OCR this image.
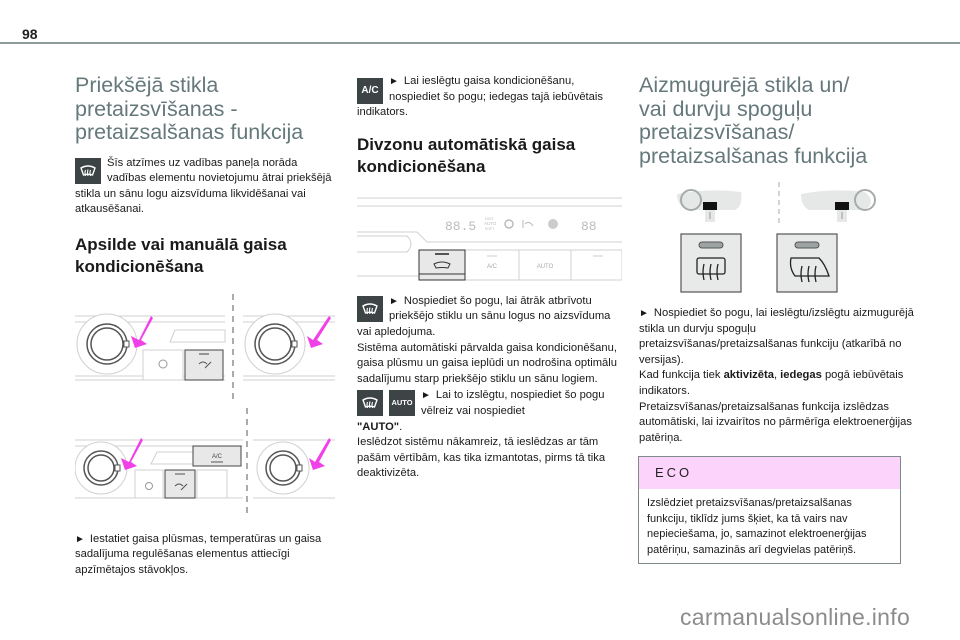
98
Priekšējā stikla
pretaizsvīšanas -
pretaizsalšanas funkcija

Šīs atzīmes uz vadības paneļa norāda vadības elementu novietojumu ātrai priekšējā stikla un sānu logu aizsvīduma likvidēšanai vai atkausēšanai.

Apsilde vai manuālā gaisa
kondicionēšana
A/C

► Iestatiet gaisa plūsmas, temperatūras un gaisa sadalījuma regulēšanas elementus attiecīgi apzīmētajos stāvokļos.

A/C
► Lai ieslēgtu gaisa kondicionēšanu, nospiediet šo pogu; iedegas tajā iebūvētais indikators.

Divzonu automātiskā gaisa
kondicionēšana
88.5	FAST
AUTO
SOFT	88
A/C	AUTO

► Nospiediet šo pogu, lai ātrāk atbrīvotu priekšējo stiklu un sānu logus no aizsvīduma vai apledojuma.

Sistēma automātiski pārvalda gaisa kondicionēšanu, gaisa plūsmu un gaisa ieplūdi un nodrošina optimālu sadalījumu starp priekšējo stiklu un sānu logiem.

AUTO
► Lai to izslēgtu, nospiediet šo pogu vēlreiz vai nospiediet
"AUTO".

Ieslēdzot sistēmu nākamreiz, tā ieslēdzas ar tām pašām vērtībām, kas tika izmantotas, pirms tā tika deaktivizēta.

Aizmugurējā stikla un/
vai durvju spoguļu
pretaizsvīšanas/
pretaizsalšanas funkcija

► Nospiediet šo pogu, lai ieslēgtu/izslēgtu aizmugurējā stikla un durvju spoguļu pretaizsvīšanas/pretaizsalšanas funkciju (atkarībā no versijas).

Kad funkcija tiek aktivizēta, iedegas pogā iebūvētais indikators.

Pretaizsvīšanas/pretaizsalšanas funkcija izslēdzas automātiski, lai izvairītos no pārmērīga elektroenerģijas patēriņa.

ECO
Izslēdziet pretaizsvīšanas/pretaizsalšanas funkciju, tiklīdz jums šķiet, ka tā vairs nav nepieciešama, jo, samazinot elektroenerģijas patēriņu, samazinās arī degvielas patēriņš.
carmanualsonline.info
